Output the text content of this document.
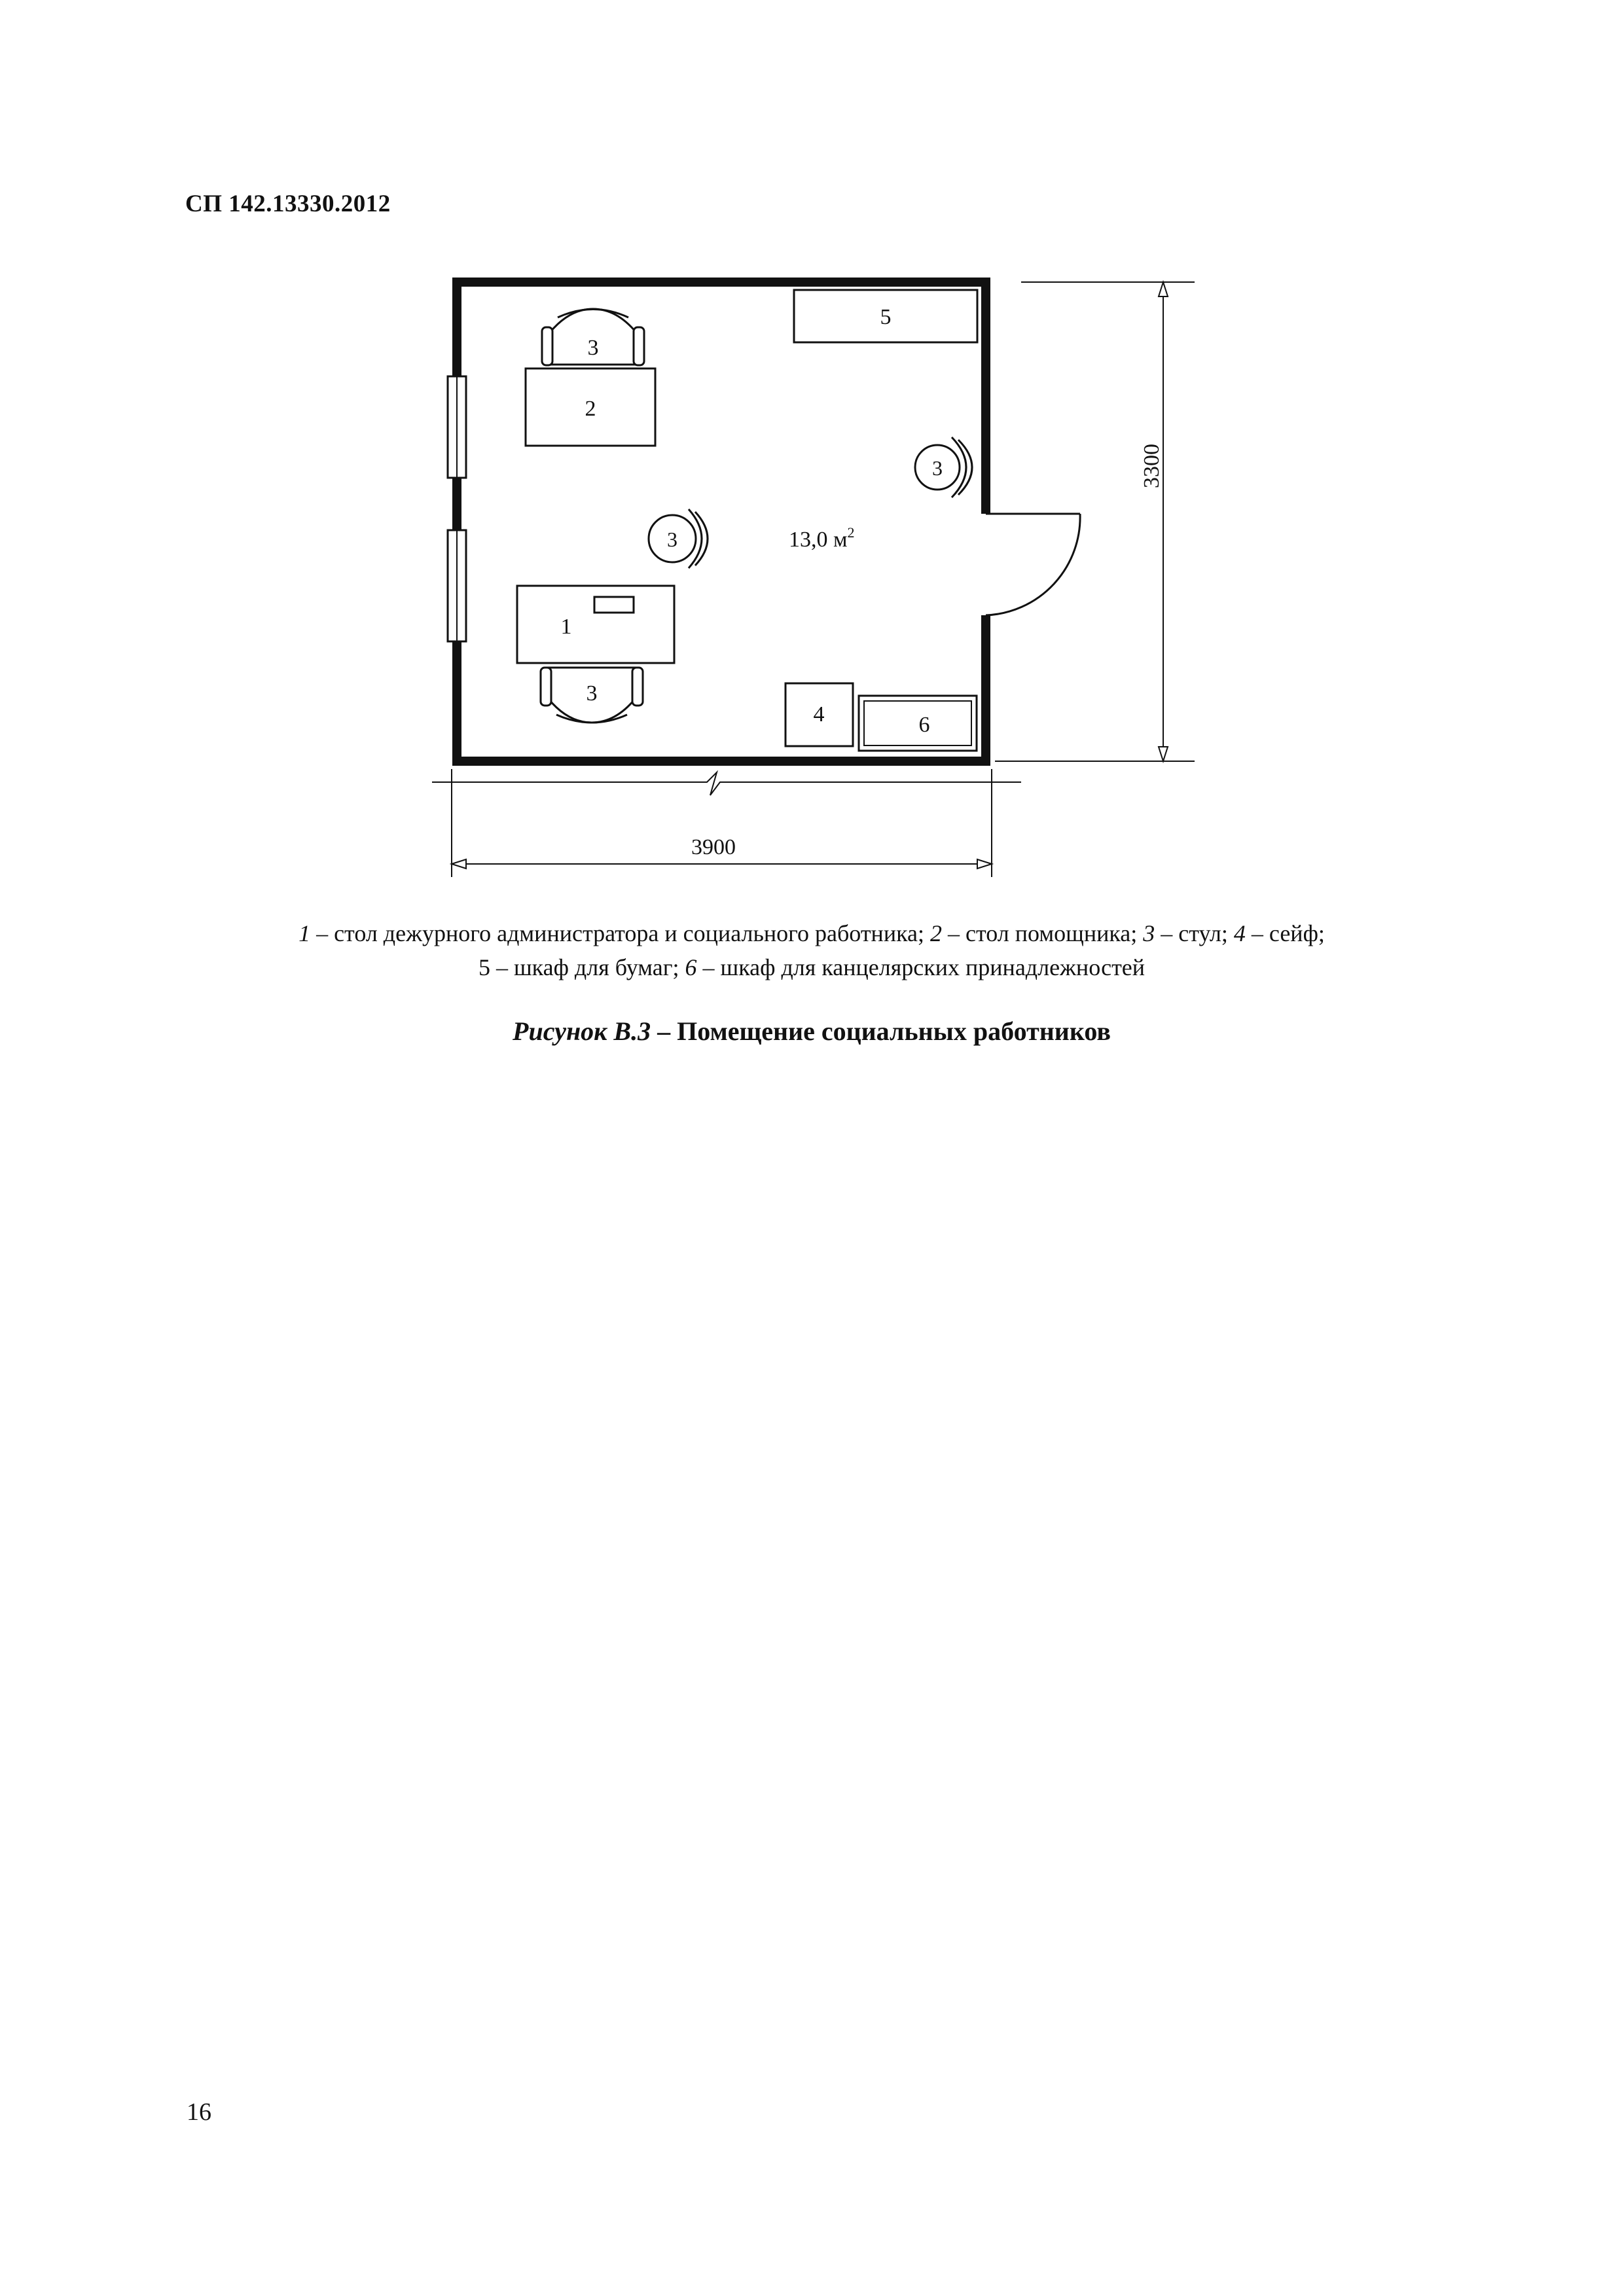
СП 142.13330.2012
5
2
3
3
3	13,0 $м^2$
1
3
4	6
3900
3300
1 – стол дежурного администратора и социального работника; 2 – стол помощника; 3 – стул; 4 – сейф;
5 – шкаф для бумаг; 6 – шкаф для канцелярских принадлежностей
Рисунок В.3 – Помещение социальных работников
16
